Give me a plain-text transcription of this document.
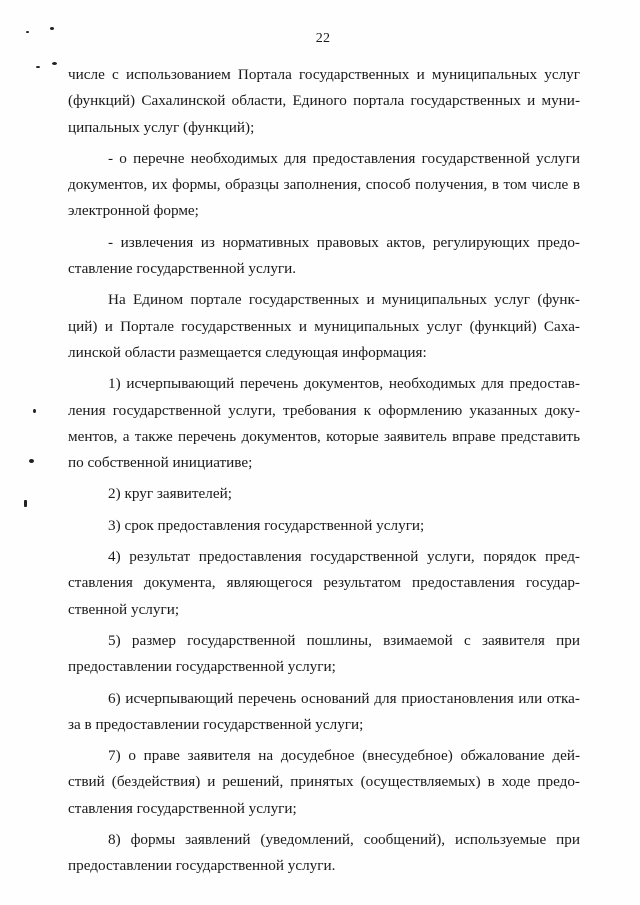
22

числе с использованием Портала государственных и муниципальных услуг
(функций) Сахалинской области, Единого портала государственных и муни-
ципальных услуг (функций);

- о перечне необходимых для предоставления государственной услуги
документов, их формы, образцы заполнения, способ получения, в том числе в
электронной форме;

- извлечения из нормативных правовых актов, регулирующих предо-
ставление государственной услуги.

На Едином портале государственных и муниципальных услуг (функ-
ций) и Портале государственных и муниципальных услуг (функций) Саха-
линской области размещается следующая информация:

1) исчерпывающий перечень документов, необходимых для предостав-
ления государственной услуги, требования к оформлению указанных доку-
ментов, а также перечень документов, которые заявитель вправе представить
по собственной инициативе;

2) круг заявителей;

3) срок предоставления государственной услуги;

4) результат предоставления государственной услуги, порядок пред-
ставления документа, являющегося результатом предоставления государ-
ственной услуги;

5) размер государственной пошлины, взимаемой с заявителя при
предоставлении государственной услуги;

6) исчерпывающий перечень оснований для приостановления или отка-
за в предоставлении государственной услуги;

7) о праве заявителя на досудебное (внесудебное) обжалование дей-
ствий (бездействия) и решений, принятых (осуществляемых) в ходе предо-
ставления государственной услуги;

8) формы заявлений (уведомлений, сообщений), используемые при
предоставлении государственной услуги.
